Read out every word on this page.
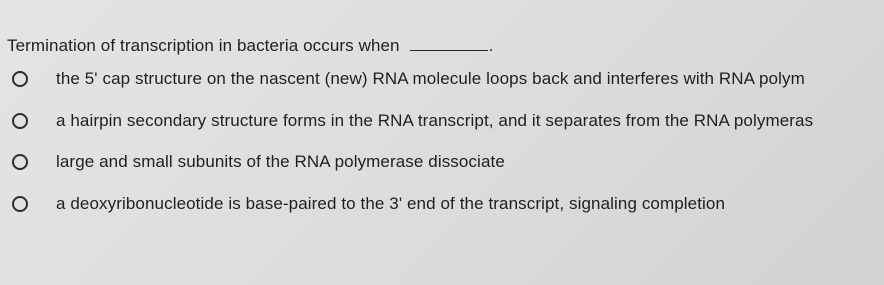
Termination of transcription in bacteria occurs when	.
the 5' cap structure on the nascent (new) RNA molecule loops back and interferes with RNA polym
a hairpin secondary structure forms in the RNA transcript, and it separates from the RNA polymeras
large and small subunits of the RNA polymerase dissociate
a deoxyribonucleotide is base-paired to the 3' end of the transcript, signaling completion
